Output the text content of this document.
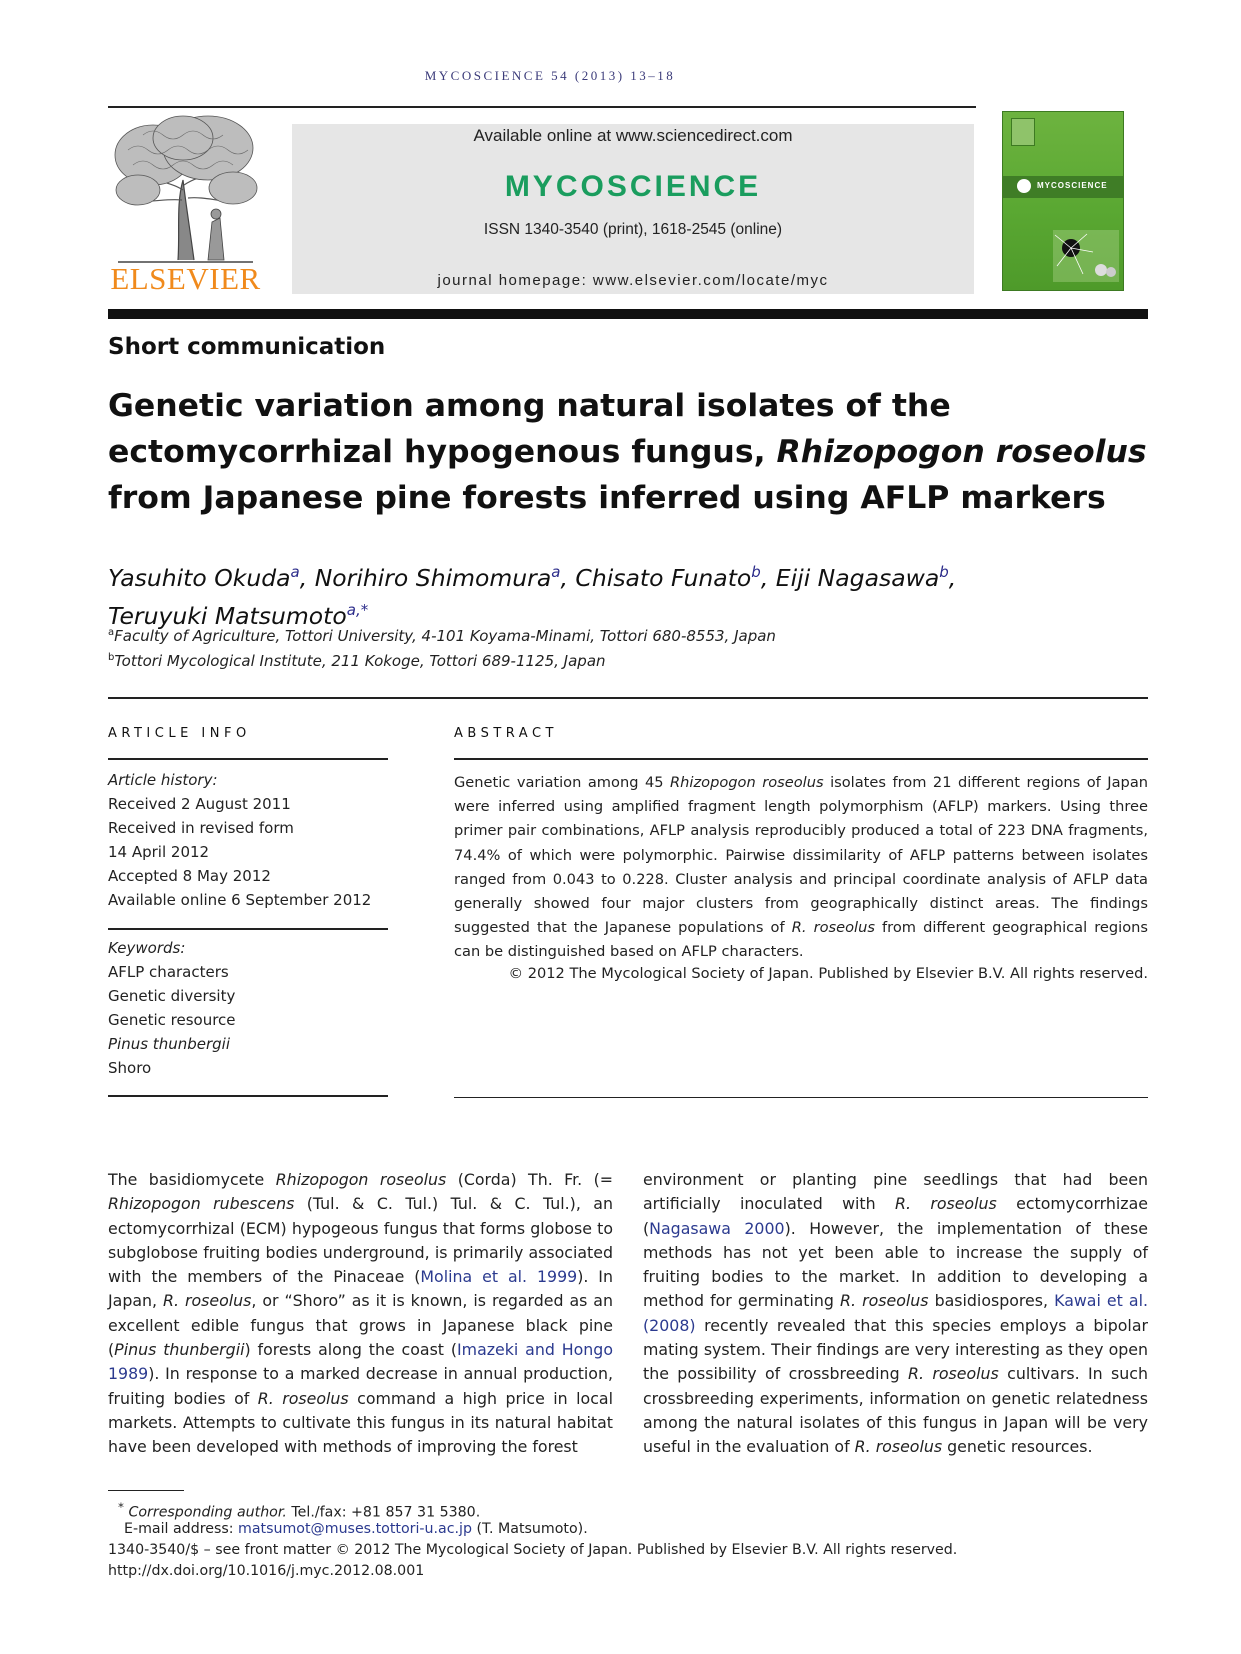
MYCOSCIENCE 54 (2013) 13–18
ELSEVIER
Available online at www.sciencedirect.com
MYCOSCIENCE
ISSN 1340-3540 (print), 1618-2545 (online)
journal homepage: www.elsevier.com/locate/myc
MYCOSCIENCE
Short communication
Genetic variation among natural isolates of the
ectomycorrhizal hypogenous fungus, Rhizopogon roseolus
from Japanese pine forests inferred using AFLP markers
Yasuhito Okuda$^a$, Norihiro Shimomura$^a$, Chisato Funato$^b$, Eiji Nagasawa$^b$,
Teruyuki Matsumoto$^{a,*}$
$^a$Faculty of Agriculture, Tottori University, 4-101 Koyama-Minami, Tottori 680-8553, Japan
$^b$Tottori Mycological Institute, 211 Kokoge, Tottori 689-1125, Japan
ARTICLE INFO
Article history:
Received 2 August 2011
Received in revised form
14 April 2012
Accepted 8 May 2012
Available online 6 September 2012
Keywords:
AFLP characters
Genetic diversity
Genetic resource
Pinus thunbergii
Shoro
ABSTRACT

Genetic variation among 45 Rhizopogon roseolus isolates from 21 different regions of Japan were inferred using amplified fragment length polymorphism (AFLP) markers. Using three primer pair combinations, AFLP analysis reproducibly produced a total of 223 DNA fragments, 74.4% of which were polymorphic. Pairwise dissimilarity of AFLP patterns between isolates ranged from 0.043 to 0.228. Cluster analysis and principal coordinate analysis of AFLP data generally showed four major clusters from geographically distinct areas. The findings suggested that the Japanese populations of R. roseolus from different geographical regions can be distinguished based on AFLP characters.

© 2012 The Mycological Society of Japan. Published by Elsevier B.V. All rights reserved.

The basidiomycete Rhizopogon roseolus (Corda) Th. Fr. (= Rhizopogon rubescens (Tul. & C. Tul.) Tul. & C. Tul.), an ectomycorrhizal (ECM) hypogeous fungus that forms globose to subglobose fruiting bodies underground, is primarily associated with the members of the Pinaceae (Molina et al. 1999). In Japan, R. roseolus, or “Shoro” as it is known, is regarded as an excellent edible fungus that grows in Japanese black pine (Pinus thunbergii) forests along the coast (Imazeki and Hongo 1989). In response to a marked decrease in annual production, fruiting bodies of R. roseolus command a high price in local markets. Attempts to cultivate this fungus in its natural habitat have been developed with methods of improving the forest

environment or planting pine seedlings that had been artificially inoculated with R. roseolus ectomycorrhizae (Nagasawa 2000). However, the implementation of these methods has not yet been able to increase the supply of fruiting bodies to the market. In addition to developing a method for germinating R. roseolus basidiospores, Kawai et al. (2008) recently revealed that this species employs a bipolar mating system. Their findings are very interesting as they open the possibility of crossbreeding R. roseolus cultivars. In such crossbreeding experiments, information on genetic relatedness among the natural isolates of this fungus in Japan will be very useful in the evaluation of R. roseolus genetic resources.

* Corresponding author. Tel./fax: +81 857 31 5380.
E-mail address: matsumot@muses.tottori-u.ac.jp (T. Matsumoto).
1340-3540/$ – see front matter © 2012 The Mycological Society of Japan. Published by Elsevier B.V. All rights reserved.
http://dx.doi.org/10.1016/j.myc.2012.08.001
